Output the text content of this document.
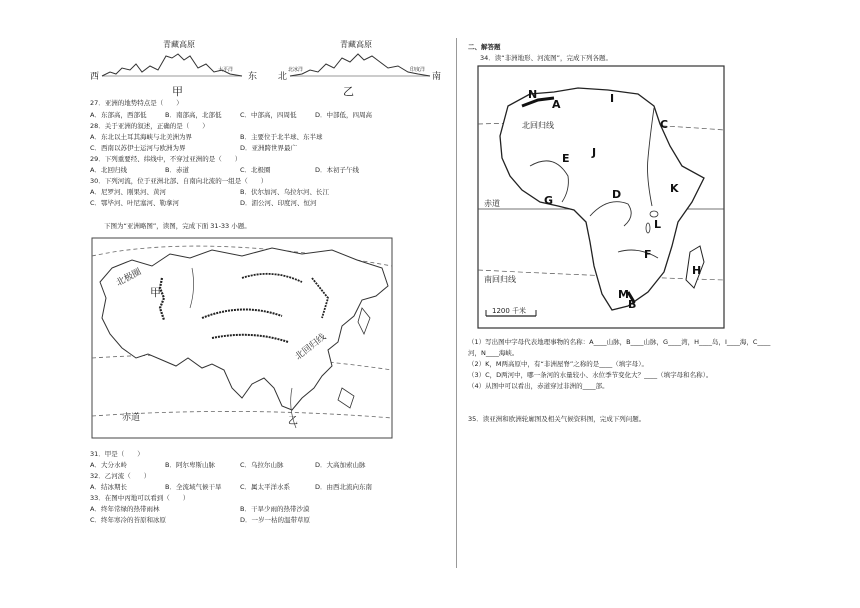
青藏高原
西	东
太平洋
甲
青藏高原
北	南
北冰洋	印度洋
乙
27．亚洲的地势特点是（　　）
A．东部高，西部低	B．南部高，北部低	C．中部高，四周低	D．中部低，四周高
28．关于亚洲的叙述，正确的是（　　）
A．东北以土耳其海峡与北美洲为界	B．主要位于北半球、东半球
C．西南以苏伊士运河与欧洲为界	D．亚洲跨世界最广
29．下列重要经、纬线中，不穿过亚洲的是（　　）
A．北回归线	B．赤道	C．北极圈	D．本初子午线
30．下列河流，位于亚洲北部、自南向北流的一组是（　　）
A．尼罗河、刚果河、黄河	B．伏尔加河、乌拉尔河、长江
C．鄂毕河、叶尼塞河、勒拿河	D．湄公河、印度河、恒河
下图为“亚洲略图”，读图，完成下面 31-33 小题。
北极圈
甲
北回归线
赤道	乙
31．甲是（　　）
A．大分水岭	B．阿尔卑斯山脉	C．乌拉尔山脉	D．大高加索山脉
32．乙河流（　　）
A．结冰期长	B．全流域气候干旱	C．属太平洋水系	D．由西北流向东南
33．在图中丙地可以看到（　　）
A．终年常绿的热带雨林	B．干旱少雨的热带沙漠
C．终年寒冷的苔原和冰原	D．一岁一枯的温带草原
二、解答题
34．读“非洲地形、河流图”，完成下列各题。
北回归线
赤道
南回归线
1200 千米
N
A	I
C
E J
D	K
G
F
L
H
M
B
（1）写出图中字母代表地理事物的名称：A____山脉，B____山脉，G____湾，H____岛，I____海，C____
河，N____海峡。
（2）K，M两高原中，有“非洲屋脊”之称的是____（填字母）。
（3）C，D两河中，哪一条河的水量较小、水位季节变化大？____（填字母和名称）。
（4）从图中可以看出，赤道穿过非洲的____部。
35．读亚洲和欧洲轮廓图及相关气候资料图，完成下列问题。
